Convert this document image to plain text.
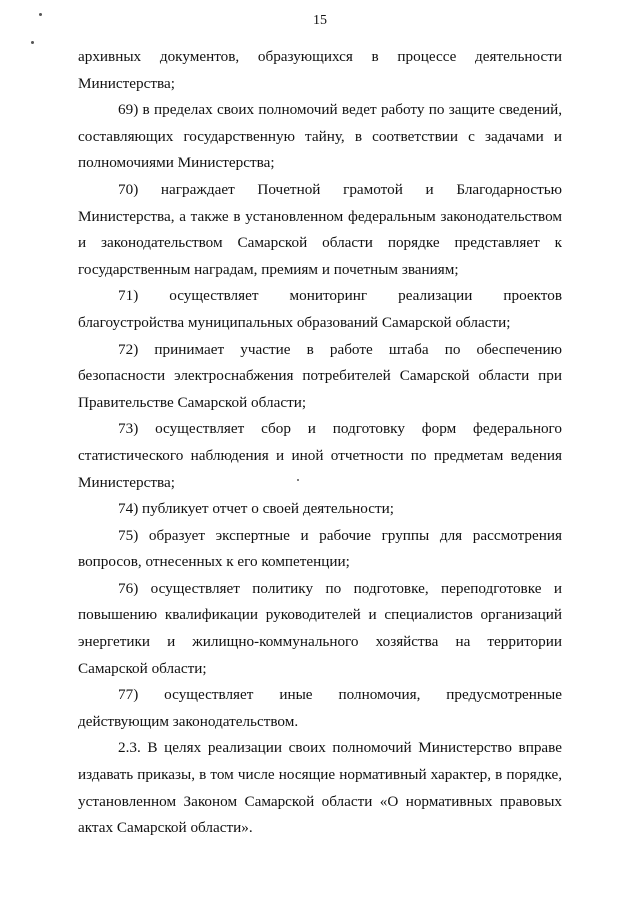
15

архивных документов, образующихся в процессе деятельности Министерства;

69) в пределах своих полномочий ведет работу по защите сведений, составляющих государственную тайну, в соответствии с задачами и полномочиями Министерства;

70) награждает Почетной грамотой и Благодарностью Министерства, а также в установленном федеральным законодательством и законодательством Самарской области порядке представляет к государственным наградам, премиям и почетным званиям;

71) осуществляет мониторинг реализации проектов благоустройства муниципальных образований Самарской области;

72) принимает участие в работе штаба по обеспечению безопасности электроснабжения потребителей Самарской области при Правительстве Самарской области;

73) осуществляет сбор и подготовку форм федерального статистического наблюдения и иной отчетности по предметам ведения Министерства;

74) публикует отчет о своей деятельности;

75) образует экспертные и рабочие группы для рассмотрения вопросов, отнесенных к его компетенции;

76) осуществляет политику по подготовке, переподготовке и повышению квалификации руководителей и специалистов организаций энергетики и жилищно-коммунального хозяйства на территории Самарской области;

77) осуществляет иные полномочия, предусмотренные действующим законодательством.

2.3. В целях реализации своих полномочий Министерство вправе издавать приказы, в том числе носящие нормативный характер, в порядке, установленном Законом Самарской области «О нормативных правовых актах Самарской области».
